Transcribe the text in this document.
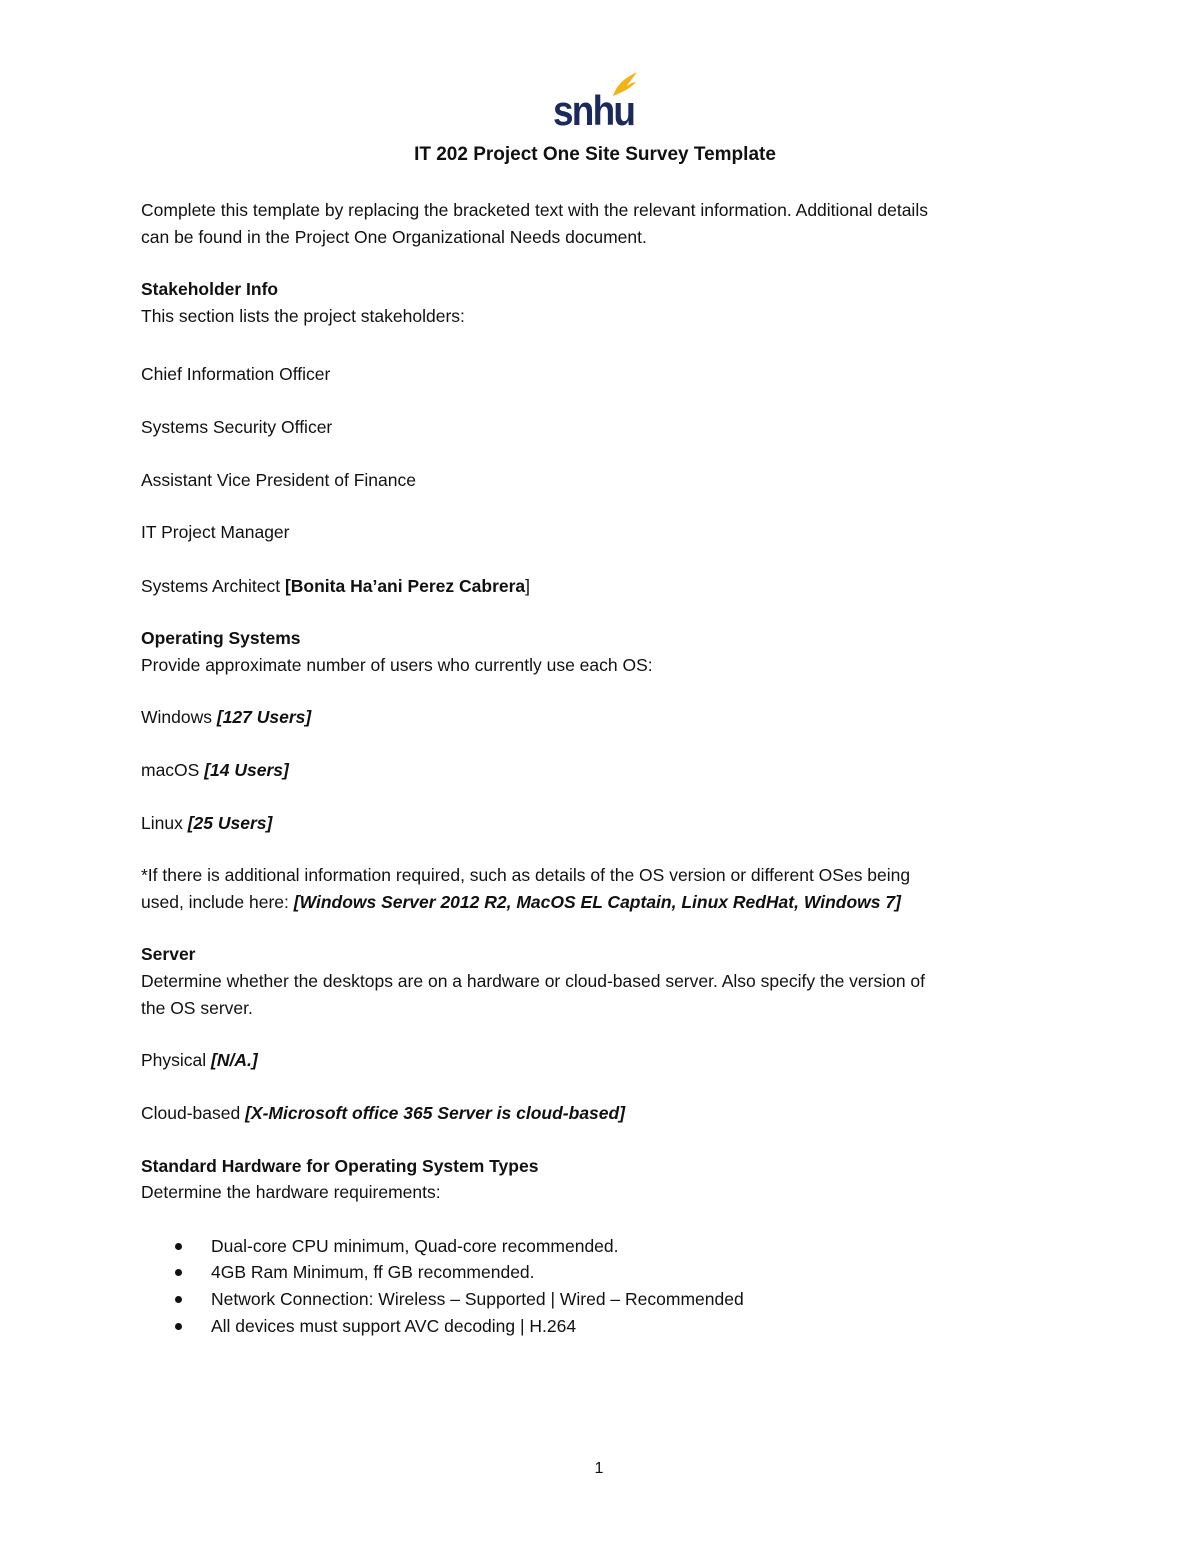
snhu
IT 202 Project One Site Survey Template
Complete this template by replacing the bracketed text with the relevant information. Additional details
can be found in the Project One Organizational Needs document.
Stakeholder Info
This section lists the project stakeholders:
Chief Information Officer
Systems Security Officer
Assistant Vice President of Finance
IT Project Manager
Systems Architect [Bonita Ha’ani Perez Cabrera]
Operating Systems
Provide approximate number of users who currently use each OS:
Windows [127 Users]
macOS [14 Users]
Linux [25 Users]
*If there is additional information required, such as details of the OS version or different OSes being
used, include here: [Windows Server 2012 R2, MacOS EL Captain, Linux RedHat, Windows 7]
Server
Determine whether the desktops are on a hardware or cloud-based server. Also specify the version of
the OS server.
Physical [N/A.]
Cloud-based [X-Microsoft office 365 Server is cloud-based]
Standard Hardware for Operating System Types
Determine the hardware requirements:
Dual-core CPU minimum, Quad-core recommended.
4GB Ram Minimum, ff GB recommended.
Network Connection: Wireless – Supported | Wired – Recommended
All devices must support AVC decoding | H.264
1
